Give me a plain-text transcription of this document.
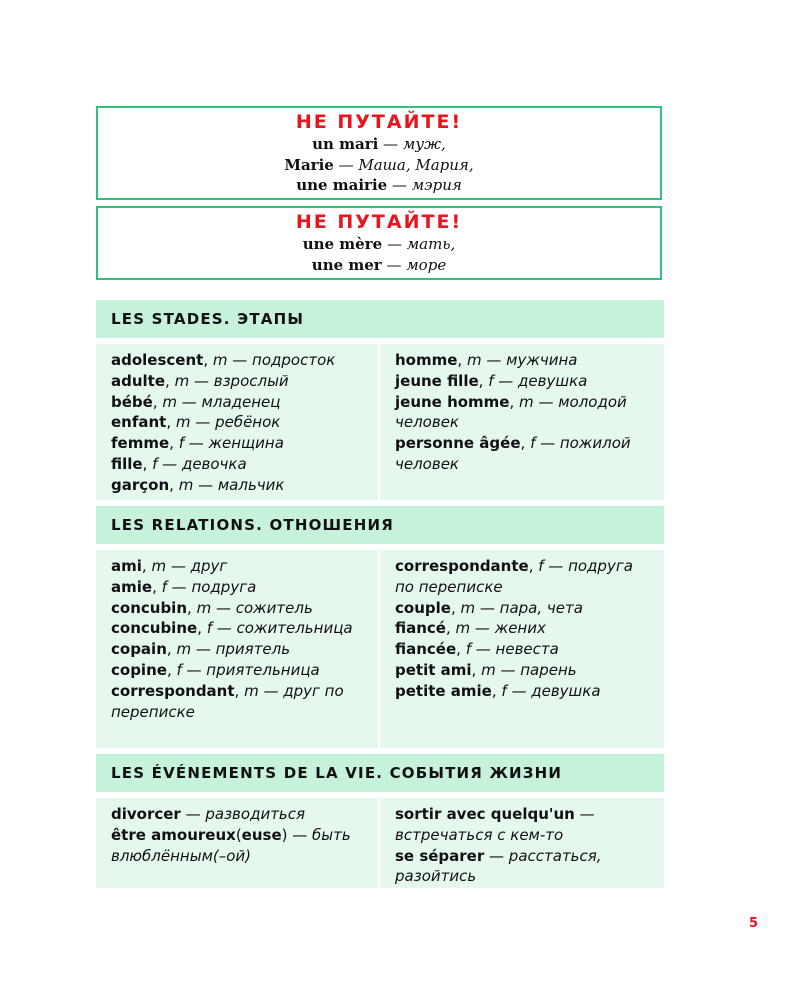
НЕ ПУТАЙТЕ!
un mari — муж,
Marie — Маша, Мария,
une mairie — мэрия
НЕ ПУТАЙТЕ!
une mère — мать,
une mer — море
LES STADES. ЭТАПЫ
adolescent, m — подросток
adulte, m — взрослый
bébé, m — младенец
enfant, m — ребёнок
femme, f — женщина
fille, f — девочка
garçon, m — мальчик
homme, m — мужчина
jeune fille, f — девушка
jeune homme, m — молодой человек
personne âgée, f — пожилой человек
LES RELATIONS. ОТНОШЕНИЯ
ami, m — друг
amie, f — подруга
concubin, m — сожитель
concubine, f — сожительница
copain, m — приятель
copine, f — приятельница
correspondant, m — друг по переписке
correspondante, f — подруга по переписке
couple, m — пара, чета
fiancé, m — жених
fiancée, f — невеста
petit ami, m — парень
petite amie, f — девушка
LES ÉVÉNEMENTS DE LA VIE. СОБЫТИЯ ЖИЗНИ
divorcer — разводиться
être amoureux(euse) — быть влюблённым(–ой)
sortir avec quelqu'un — встречаться с кем-то
se séparer — расстаться, разойтись
5
